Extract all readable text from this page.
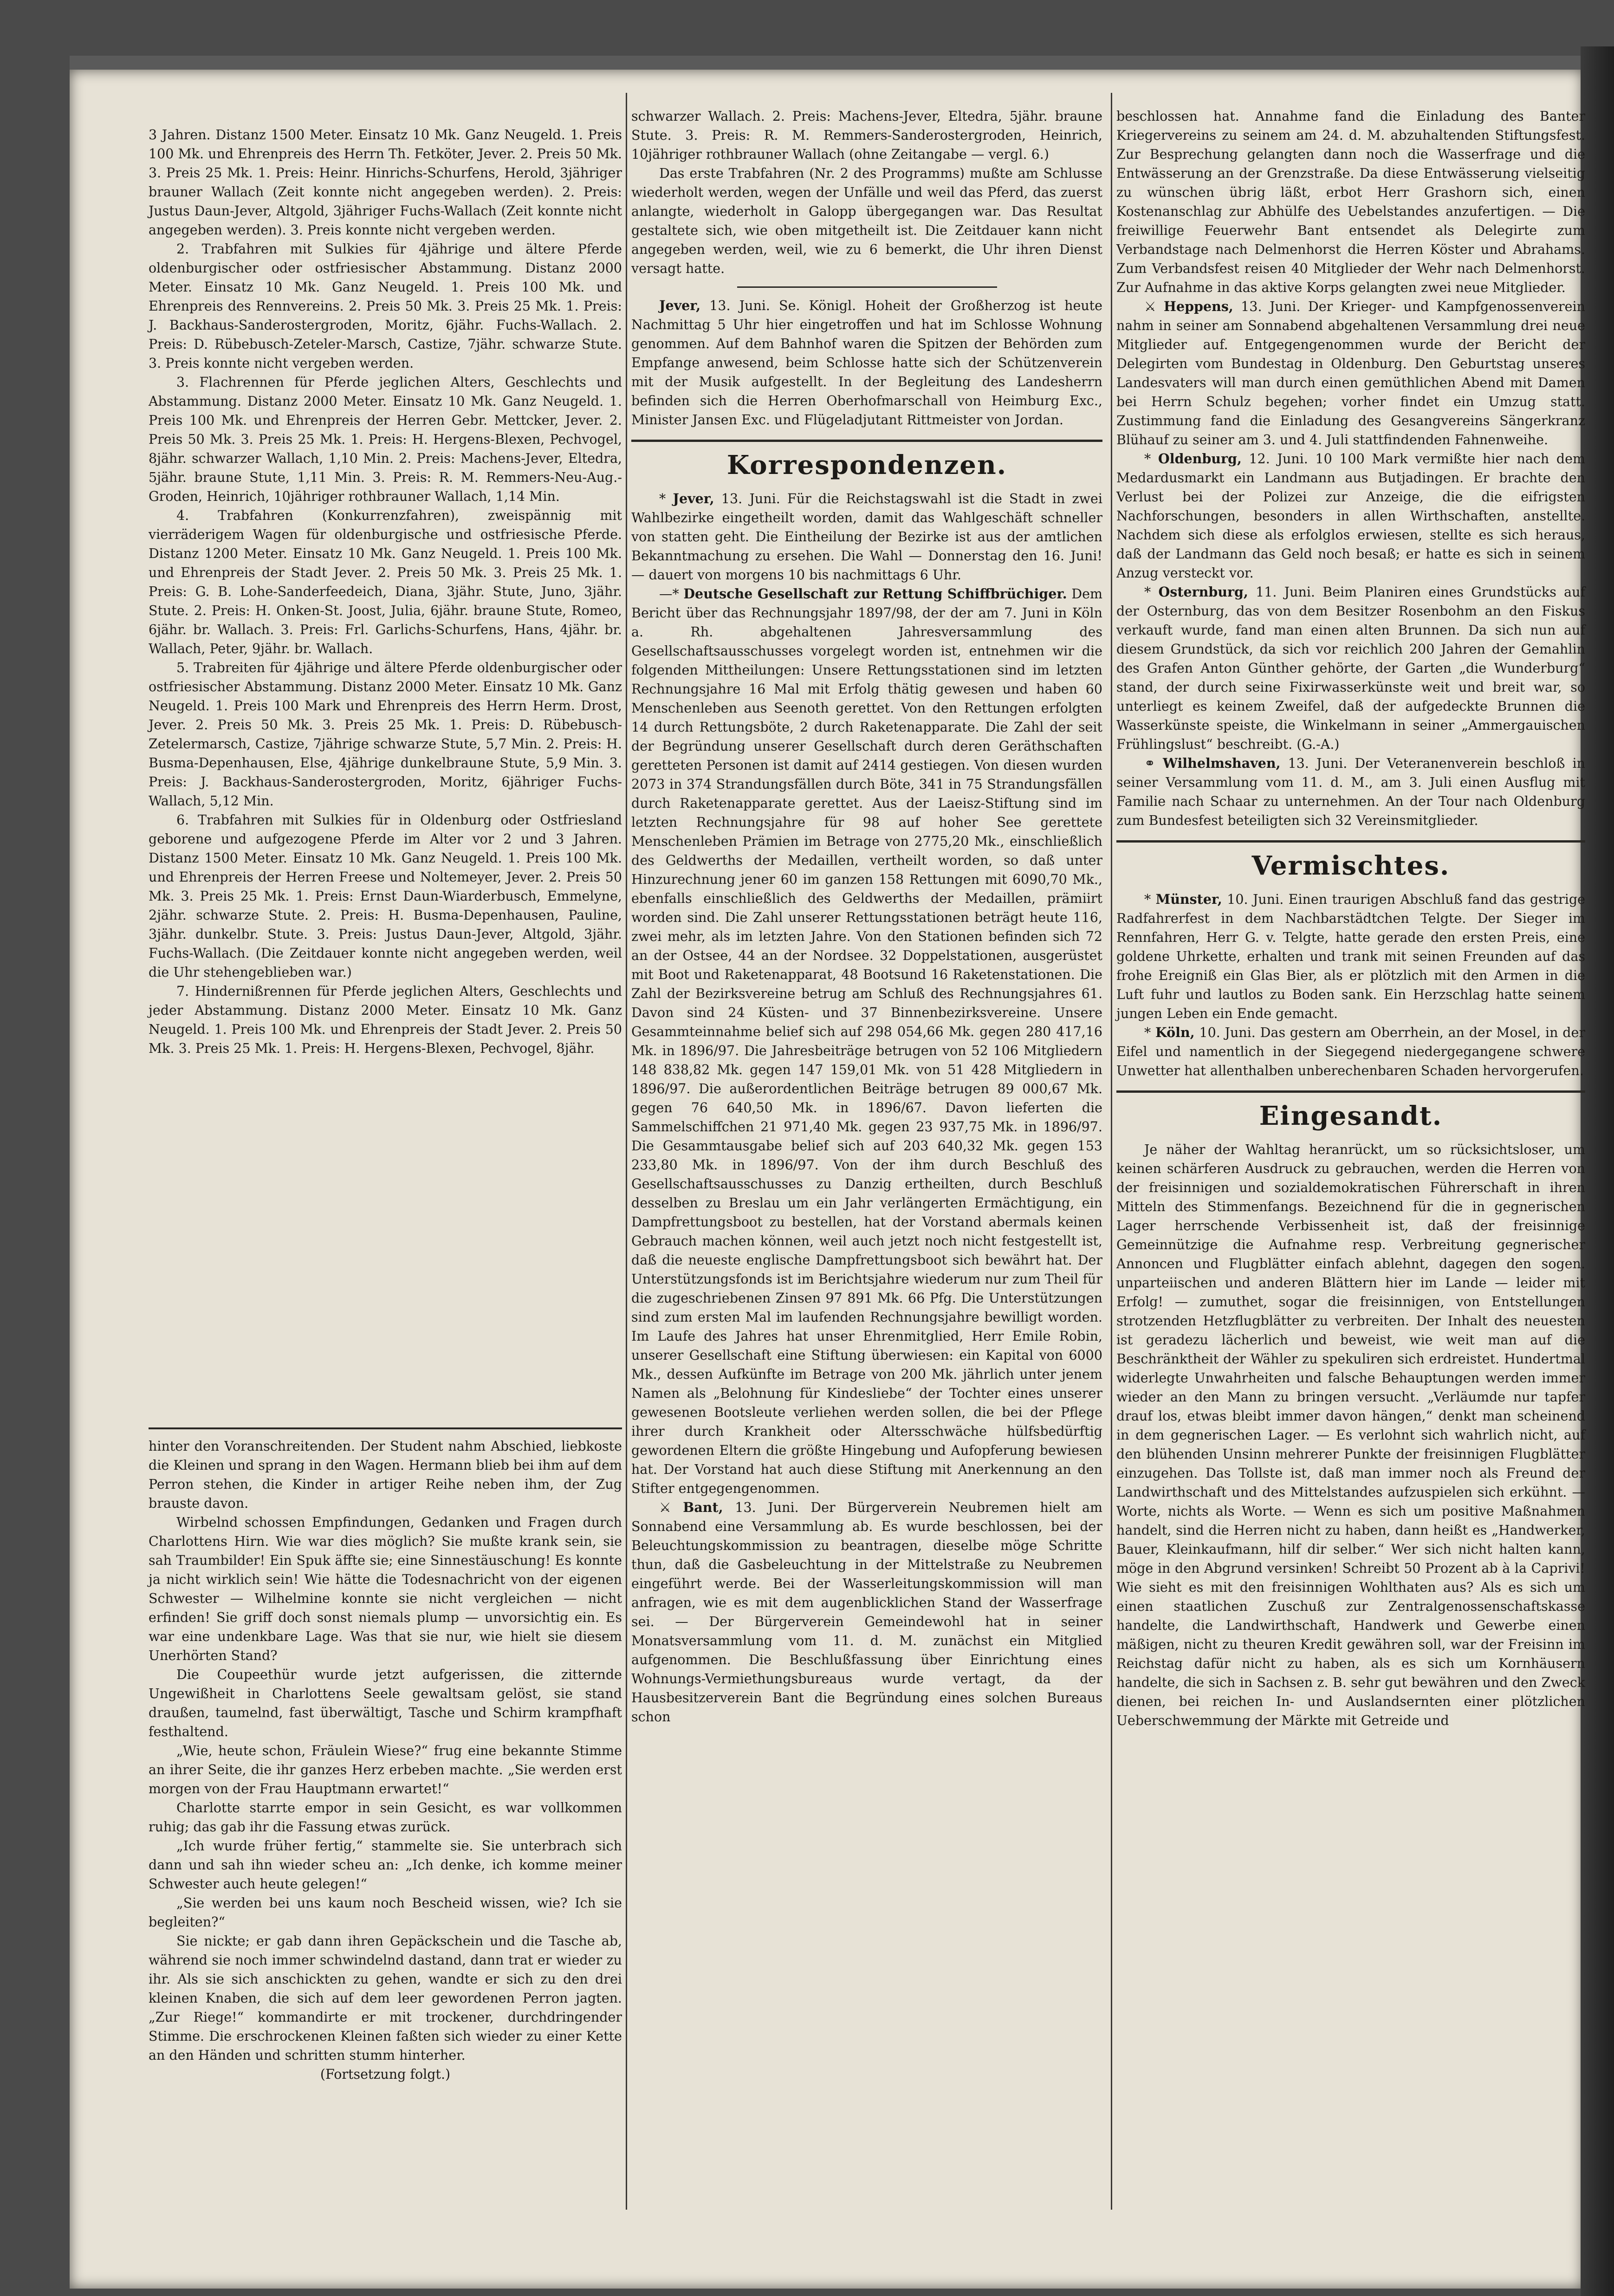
3 Jahren. Distanz 1500 Meter. Einsatz 10 Mk. Ganz Neugeld. 1. Preis 100 Mk. und Ehrenpreis des Herrn Th. Fetköter, Jever. 2. Preis 50 Mk. 3. Preis 25 Mk. 1. Preis: Heinr. Hinrichs-Schurfens, Herold, 3jähriger brauner Wallach (Zeit konnte nicht angegeben werden). 2. Preis: Justus Daun-Jever, Altgold, 3jähriger Fuchs-Wallach (Zeit konnte nicht angegeben werden). 3. Preis konnte nicht vergeben werden.

2. Trabfahren mit Sulkies für 4jährige und ältere Pferde oldenburgischer oder ostfriesischer Abstammung. Distanz 2000 Meter. Einsatz 10 Mk. Ganz Neugeld. 1. Preis 100 Mk. und Ehrenpreis des Rennvereins. 2. Preis 50 Mk. 3. Preis 25 Mk. 1. Preis: J. Backhaus-Sanderostergroden, Moritz, 6jähr. Fuchs-Wallach. 2. Preis: D. Rübebusch-Zeteler-Marsch, Castize, 7jähr. schwarze Stute. 3. Preis konnte nicht vergeben werden.

3. Flachrennen für Pferde jeglichen Alters, Geschlechts und Abstammung. Distanz 2000 Meter. Einsatz 10 Mk. Ganz Neugeld. 1. Preis 100 Mk. und Ehrenpreis der Herren Gebr. Mettcker, Jever. 2. Preis 50 Mk. 3. Preis 25 Mk. 1. Preis: H. Hergens-Blexen, Pechvogel, 8jähr. schwarzer Wallach, 1,10 Min. 2. Preis: Machens-Jever, Eltedra, 5jähr. braune Stute, 1,11 Min. 3. Preis: R. M. Remmers-Neu-Aug.-Groden, Heinrich, 10jähriger rothbrauner Wallach, 1,14 Min.

4. Trabfahren (Konkurrenzfahren), zweispännig mit vierräderigem Wagen für oldenburgische und ostfriesische Pferde. Distanz 1200 Meter. Einsatz 10 Mk. Ganz Neugeld. 1. Preis 100 Mk. und Ehrenpreis der Stadt Jever. 2. Preis 50 Mk. 3. Preis 25 Mk. 1. Preis: G. B. Lohe-Sanderfeedeich, Diana, 3jähr. Stute, Juno, 3jähr. Stute. 2. Preis: H. Onken-St. Joost, Julia, 6jähr. braune Stute, Romeo, 6jähr. br. Wallach. 3. Preis: Frl. Garlichs-Schurfens, Hans, 4jähr. br. Wallach, Peter, 9jähr. br. Wallach.

5. Trabreiten für 4jährige und ältere Pferde oldenburgischer oder ostfriesischer Abstammung. Distanz 2000 Meter. Einsatz 10 Mk. Ganz Neugeld. 1. Preis 100 Mark und Ehrenpreis des Herrn Herm. Drost, Jever. 2. Preis 50 Mk. 3. Preis 25 Mk. 1. Preis: D. Rübebusch-Zetelermarsch, Castize, 7jährige schwarze Stute, 5,7 Min. 2. Preis: H. Busma-Depenhausen, Else, 4jährige dunkelbraune Stute, 5,9 Min. 3. Preis: J. Backhaus-Sanderostergroden, Moritz, 6jähriger Fuchs-Wallach, 5,12 Min.

6. Trabfahren mit Sulkies für in Oldenburg oder Ostfriesland geborene und aufgezogene Pferde im Alter vor 2 und 3 Jahren. Distanz 1500 Meter. Einsatz 10 Mk. Ganz Neugeld. 1. Preis 100 Mk. und Ehrenpreis der Herren Freese und Noltemeyer, Jever. 2. Preis 50 Mk. 3. Preis 25 Mk. 1. Preis: Ernst Daun-Wiarderbusch, Emmelyne, 2jähr. schwarze Stute. 2. Preis: H. Busma-Depenhausen, Pauline, 3jähr. dunkelbr. Stute. 3. Preis: Justus Daun-Jever, Altgold, 3jähr. Fuchs-Wallach. (Die Zeitdauer konnte nicht angegeben werden, weil die Uhr stehengeblieben war.)

7. Hindernißrennen für Pferde jeglichen Alters, Geschlechts und jeder Abstammung. Distanz 2000 Meter. Einsatz 10 Mk. Ganz Neugeld. 1. Preis 100 Mk. und Ehrenpreis der Stadt Jever. 2. Preis 50 Mk. 3. Preis 25 Mk. 1. Preis: H. Hergens-Blexen, Pechvogel, 8jähr.

hinter den Voranschreitenden. Der Student nahm Abschied, liebkoste die Kleinen und sprang in den Wagen. Hermann blieb bei ihm auf dem Perron stehen, die Kinder in artiger Reihe neben ihm, der Zug brauste davon.

Wirbelnd schossen Empfindungen, Gedanken und Fragen durch Charlottens Hirn. Wie war dies möglich? Sie mußte krank sein, sie sah Traumbilder! Ein Spuk äffte sie; eine Sinnestäuschung! Es konnte ja nicht wirklich sein! Wie hätte die Todesnachricht von der eigenen Schwester — Wilhelmine konnte sie nicht vergleichen — nicht erfinden! Sie griff doch sonst niemals plump — unvorsichtig ein. Es war eine undenkbare Lage. Was that sie nur, wie hielt sie diesem Unerhörten Stand?

Die Coupeethür wurde jetzt aufgerissen, die zitternde Ungewißheit in Charlottens Seele gewaltsam gelöst, sie stand draußen, taumelnd, fast überwältigt, Tasche und Schirm krampfhaft festhaltend.

„Wie, heute schon, Fräulein Wiese?“ frug eine bekannte Stimme an ihrer Seite, die ihr ganzes Herz erbeben machte. „Sie werden erst morgen von der Frau Hauptmann erwartet!“

Charlotte starrte empor in sein Gesicht, es war vollkommen ruhig; das gab ihr die Fassung etwas zurück.

„Ich wurde früher fertig,“ stammelte sie. Sie unterbrach sich dann und sah ihn wieder scheu an: „Ich denke, ich komme meiner Schwester auch heute gelegen!“

„Sie werden bei uns kaum noch Bescheid wissen, wie? Ich sie begleiten?“

Sie nickte; er gab dann ihren Gepäckschein und die Tasche ab, während sie noch immer schwindelnd dastand, dann trat er wieder zu ihr. Als sie sich anschickten zu gehen, wandte er sich zu den drei kleinen Knaben, die sich auf dem leer gewordenen Perron jagten. „Zur Riege!“ kommandirte er mit trockener, durchdringender Stimme. Die erschrockenen Kleinen faßten sich wieder zu einer Kette an den Händen und schritten stumm hinterher.

(Fortsetzung folgt.)

schwarzer Wallach. 2. Preis: Machens-Jever, Eltedra, 5jähr. braune Stute. 3. Preis: R. M. Remmers-Sanderostergroden, Heinrich, 10jähriger rothbrauner Wallach (ohne Zeitangabe — vergl. 6.)

Das erste Trabfahren (Nr. 2 des Programms) mußte am Schlusse wiederholt werden, wegen der Unfälle und weil das Pferd, das zuerst anlangte, wiederholt in Galopp übergegangen war. Das Resultat gestaltete sich, wie oben mitgetheilt ist. Die Zeitdauer kann nicht angegeben werden, weil, wie zu 6 bemerkt, die Uhr ihren Dienst versagt hatte.

Jever, 13. Juni. Se. Königl. Hoheit der Großherzog ist heute Nachmittag 5 Uhr hier eingetroffen und hat im Schlosse Wohnung genommen. Auf dem Bahnhof waren die Spitzen der Behörden zum Empfange anwesend, beim Schlosse hatte sich der Schützenverein mit der Musik aufgestellt. In der Begleitung des Landesherrn befinden sich die Herren Oberhofmarschall von Heimburg Exc., Minister Jansen Exc. und Flügeladjutant Rittmeister von Jordan.

Korrespondenzen.

* Jever, 13. Juni. Für die Reichstagswahl ist die Stadt in zwei Wahlbezirke eingetheilt worden, damit das Wahlgeschäft schneller von statten geht. Die Eintheilung der Bezirke ist aus der amtlichen Bekanntmachung zu ersehen. Die Wahl — Donnerstag den 16. Juni! — dauert von morgens 10 bis nachmittags 6 Uhr.

—* Deutsche Gesellschaft zur Rettung Schiffbrüchiger. Dem Bericht über das Rechnungsjahr 1897/98, der der am 7. Juni in Köln a. Rh. abgehaltenen Jahresversammlung des Gesellschaftsausschusses vorgelegt worden ist, entnehmen wir die folgenden Mittheilungen: Unsere Rettungsstationen sind im letzten Rechnungsjahre 16 Mal mit Erfolg thätig gewesen und haben 60 Menschenleben aus Seenoth gerettet. Von den Rettungen erfolgten 14 durch Rettungsböte, 2 durch Raketenapparate. Die Zahl der seit der Begründung unserer Gesellschaft durch deren Geräthschaften geretteten Personen ist damit auf 2414 gestiegen. Von diesen wurden 2073 in 374 Strandungsfällen durch Böte, 341 in 75 Strandungsfällen durch Raketenapparate gerettet. Aus der Laeisz-Stiftung sind im letzten Rechnungsjahre für 98 auf hoher See gerettete Menschenleben Prämien im Betrage von 2775,20 Mk., einschließlich des Geldwerths der Medaillen, vertheilt worden, so daß unter Hinzurechnung jener 60 im ganzen 158 Rettungen mit 6090,70 Mk., ebenfalls einschließlich des Geldwerths der Medaillen, prämiirt worden sind. Die Zahl unserer Rettungsstationen beträgt heute 116, zwei mehr, als im letzten Jahre. Von den Stationen befinden sich 72 an der Ostsee, 44 an der Nordsee. 32 Doppelstationen, ausgerüstet mit Boot und Raketenapparat, 48 Bootsund 16 Raketenstationen. Die Zahl der Bezirksvereine betrug am Schluß des Rechnungsjahres 61. Davon sind 24 Küsten- und 37 Binnenbezirksvereine. Unsere Gesammteinnahme belief sich auf 298 054,66 Mk. gegen 280 417,16 Mk. in 1896/97. Die Jahresbeiträge betrugen von 52 106 Mitgliedern 148 838,82 Mk. gegen 147 159,01 Mk. von 51 428 Mitgliedern in 1896/97. Die außerordentlichen Beiträge betrugen 89 000,67 Mk. gegen 76 640,50 Mk. in 1896/67. Davon lieferten die Sammelschiffchen 21 971,40 Mk. gegen 23 937,75 Mk. in 1896/97. Die Gesammtausgabe belief sich auf 203 640,32 Mk. gegen 153 233,80 Mk. in 1896/97. Von der ihm durch Beschluß des Gesellschaftsausschusses zu Danzig ertheilten, durch Beschluß desselben zu Breslau um ein Jahr verlängerten Ermächtigung, ein Dampfrettungsboot zu bestellen, hat der Vorstand abermals keinen Gebrauch machen können, weil auch jetzt noch nicht festgestellt ist, daß die neueste englische Dampfrettungsboot sich bewährt hat. Der Unterstützungsfonds ist im Berichtsjahre wiederum nur zum Theil für die zugeschriebenen Zinsen 97 891 Mk. 66 Pfg. Die Unterstützungen sind zum ersten Mal im laufenden Rechnungsjahre bewilligt worden. Im Laufe des Jahres hat unser Ehrenmitglied, Herr Emile Robin, unserer Gesellschaft eine Stiftung überwiesen: ein Kapital von 6000 Mk., dessen Aufkünfte im Betrage von 200 Mk. jährlich unter jenem Namen als „Belohnung für Kindesliebe“ der Tochter eines unserer gewesenen Bootsleute verliehen werden sollen, die bei der Pflege ihrer durch Krankheit oder Altersschwäche hülfsbedürftig gewordenen Eltern die größte Hingebung und Aufopferung bewiesen hat. Der Vorstand hat auch diese Stiftung mit Anerkennung an den Stifter entgegengenommen.

⚔ Bant, 13. Juni. Der Bürgerverein Neubremen hielt am Sonnabend eine Versammlung ab. Es wurde beschlossen, bei der Beleuchtungskommission zu beantragen, dieselbe möge Schritte thun, daß die Gasbeleuchtung in der Mittelstraße zu Neubremen eingeführt werde. Bei der Wasserleitungskommission will man anfragen, wie es mit dem augenblicklichen Stand der Wasserfrage sei. — Der Bürgerverein Gemeindewohl hat in seiner Monatsversammlung vom 11. d. M. zunächst ein Mitglied aufgenommen. Die Beschlußfassung über Einrichtung eines Wohnungs-Vermiethungsbureaus wurde vertagt, da der Hausbesitzerverein Bant die Begründung eines solchen Bureaus schon

beschlossen hat. Annahme fand die Einladung des Banter Kriegervereins zu seinem am 24. d. M. abzuhaltenden Stiftungsfest. Zur Besprechung gelangten dann noch die Wasserfrage und die Entwässerung an der Grenzstraße. Da diese Entwässerung vielseitig zu wünschen übrig läßt, erbot Herr Grashorn sich, einen Kostenanschlag zur Abhülfe des Uebelstandes anzufertigen. — Die freiwillige Feuerwehr Bant entsendet als Delegirte zum Verbandstage nach Delmenhorst die Herren Köster und Abrahams. Zum Verbandsfest reisen 40 Mitglieder der Wehr nach Delmenhorst. Zur Aufnahme in das aktive Korps gelangten zwei neue Mitglieder.

⚔ Heppens, 13. Juni. Der Krieger- und Kampfgenossenverein nahm in seiner am Sonnabend abgehaltenen Versammlung drei neue Mitglieder auf. Entgegengenommen wurde der Bericht der Delegirten vom Bundestag in Oldenburg. Den Geburtstag unseres Landesvaters will man durch einen gemüthlichen Abend mit Damen bei Herrn Schulz begehen; vorher findet ein Umzug statt. Zustimmung fand die Einladung des Gesangvereins Sängerkranz Blühauf zu seiner am 3. und 4. Juli stattfindenden Fahnenweihe.

* Oldenburg, 12. Juni. 10 100 Mark vermißte hier nach dem Medardusmarkt ein Landmann aus Butjadingen. Er brachte den Verlust bei der Polizei zur Anzeige, die die eifrigsten Nachforschungen, besonders in allen Wirthschaften, anstellte. Nachdem sich diese als erfolglos erwiesen, stellte es sich heraus, daß der Landmann das Geld noch besaß; er hatte es sich in seinem Anzug versteckt vor.

* Osternburg, 11. Juni. Beim Planiren eines Grundstücks auf der Osternburg, das von dem Besitzer Rosenbohm an den Fiskus verkauft wurde, fand man einen alten Brunnen. Da sich nun auf diesem Grundstück, da sich vor reichlich 200 Jahren der Gemahlin des Grafen Anton Günther gehörte, der Garten „die Wunderburg“ stand, der durch seine Fixirwasserkünste weit und breit war, so unterliegt es keinem Zweifel, daß der aufgedeckte Brunnen die Wasserkünste speiste, die Winkelmann in seiner „Ammergauischen Frühlingslust“ beschreibt. (G.-A.)

⚭ Wilhelmshaven, 13. Juni. Der Veteranenverein beschloß in seiner Versammlung vom 11. d. M., am 3. Juli einen Ausflug mit Familie nach Schaar zu unternehmen. An der Tour nach Oldenburg zum Bundesfest beteiligten sich 32 Vereinsmitglieder.

Vermischtes.

* Münster, 10. Juni. Einen traurigen Abschluß fand das gestrige Radfahrerfest in dem Nachbarstädtchen Telgte. Der Sieger im Rennfahren, Herr G. v. Telgte, hatte gerade den ersten Preis, eine goldene Uhrkette, erhalten und trank mit seinen Freunden auf das frohe Ereigniß ein Glas Bier, als er plötzlich mit den Armen in die Luft fuhr und lautlos zu Boden sank. Ein Herzschlag hatte seinem jungen Leben ein Ende gemacht.

* Köln, 10. Juni. Das gestern am Oberrhein, an der Mosel, in der Eifel und namentlich in der Siegegend niedergegangene schwere Unwetter hat allenthalben unberechenbaren Schaden hervorgerufen.

Eingesandt.

Je näher der Wahltag heranrückt, um so rücksichtsloser, um keinen schärferen Ausdruck zu gebrauchen, werden die Herren von der freisinnigen und sozialdemokratischen Führerschaft in ihren Mitteln des Stimmenfangs. Bezeichnend für die in gegnerischen Lager herrschende Verbissenheit ist, daß der freisinnige Gemeinnützige die Aufnahme resp. Verbreitung gegnerischer Annoncen und Flugblätter einfach ablehnt, dagegen den sogen. unparteiischen und anderen Blättern hier im Lande — leider mit Erfolg! — zumuthet, sogar die freisinnigen, von Entstellungen strotzenden Hetzflugblätter zu verbreiten. Der Inhalt des neuesten ist geradezu lächerlich und beweist, wie weit man auf die Beschränktheit der Wähler zu spekuliren sich erdreistet. Hundertmal widerlegte Unwahrheiten und falsche Behauptungen werden immer wieder an den Mann zu bringen versucht. „Verläumde nur tapfer drauf los, etwas bleibt immer davon hängen,“ denkt man scheinend in dem gegnerischen Lager. — Es verlohnt sich wahrlich nicht, auf den blühenden Unsinn mehrerer Punkte der freisinnigen Flugblätter einzugehen. Das Tollste ist, daß man immer noch als Freund der Landwirthschaft und des Mittelstandes aufzuspielen sich erkühnt. — Worte, nichts als Worte. — Wenn es sich um positive Maßnahmen handelt, sind die Herren nicht zu haben, dann heißt es „Handwerker, Bauer, Kleinkaufmann, hilf dir selber.“ Wer sich nicht halten kann, möge in den Abgrund versinken! Schreibt 50 Prozent ab à la Caprivi! Wie sieht es mit den freisinnigen Wohlthaten aus? Als es sich um einen staatlichen Zuschuß zur Zentralgenossenschaftskasse handelte, die Landwirthschaft, Handwerk und Gewerbe einen mäßigen, nicht zu theuren Kredit gewähren soll, war der Freisinn im Reichstag dafür nicht zu haben, als es sich um Kornhäusern handelte, die sich in Sachsen z. B. sehr gut bewähren und den Zweck dienen, bei reichen In- und Auslandsernten einer plötzlichen Ueberschwemmung der Märkte mit Getreide und
